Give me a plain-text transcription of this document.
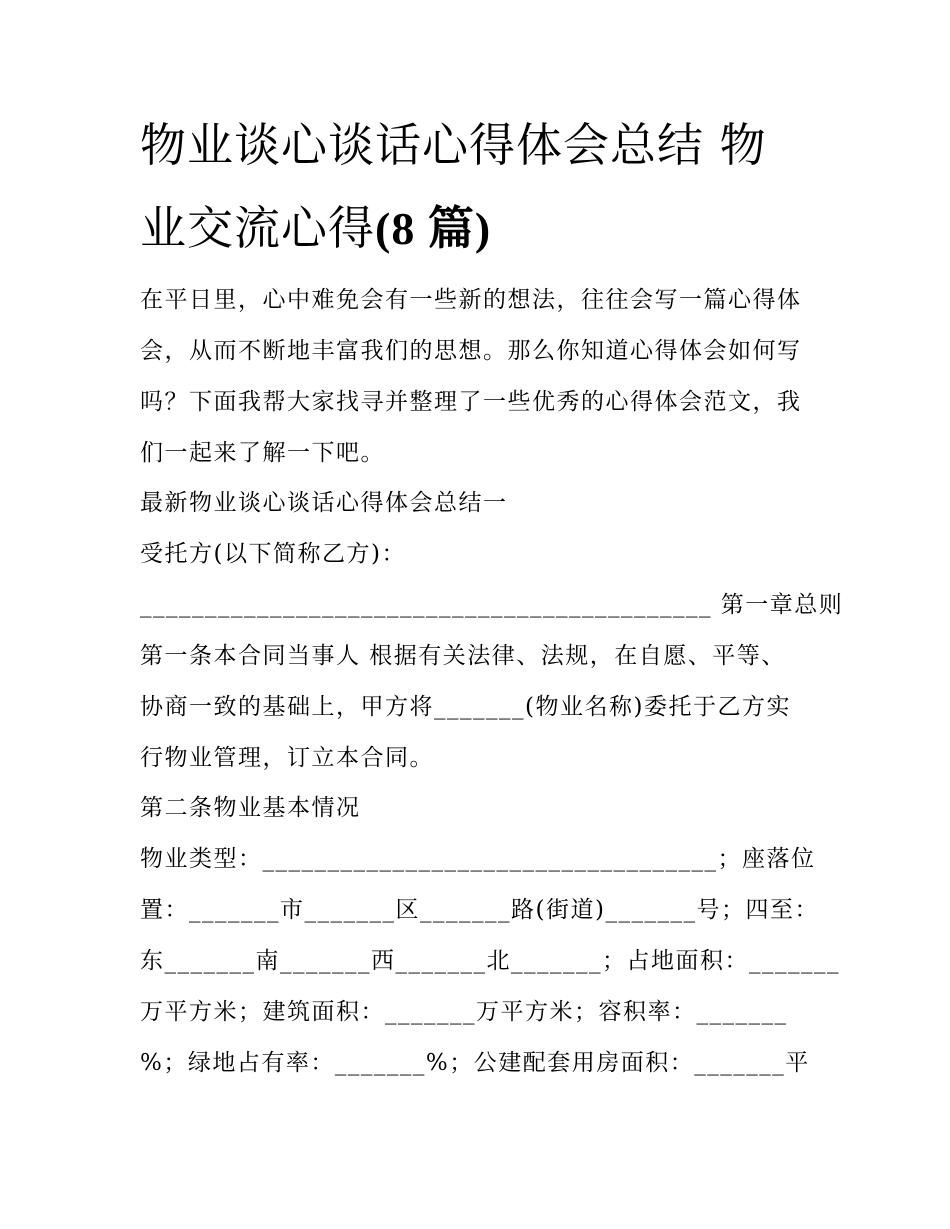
物业谈心谈话心得体会总结 物
业交流心得(8 篇)
在平日里，心中难免会有一些新的想法，往往会写一篇心得体
会，从而不断地丰富我们的思想。那么你知道心得体会如何写
吗？下面我帮大家找寻并整理了一些优秀的心得体会范文，我
们一起来了解一下吧。
最新物业谈心谈话心得体会总结一
受托方(以下简称乙方)：
____________________________________________ 第一章总则
第一条本合同当事人 根据有关法律、法规，在自愿、平等、
协商一致的基础上，甲方将_______(物业名称)委托于乙方实
行物业管理，订立本合同。
第二条物业基本情况
物业类型：___________________________________；座落位
置：_______市_______区_______路(街道)_______号；四至：
东_______南_______西_______北_______；占地面积：_______
万平方米；建筑面积：_______万平方米；容积率：_______
%；绿地占有率：_______%；公建配套用房面积：_______平
